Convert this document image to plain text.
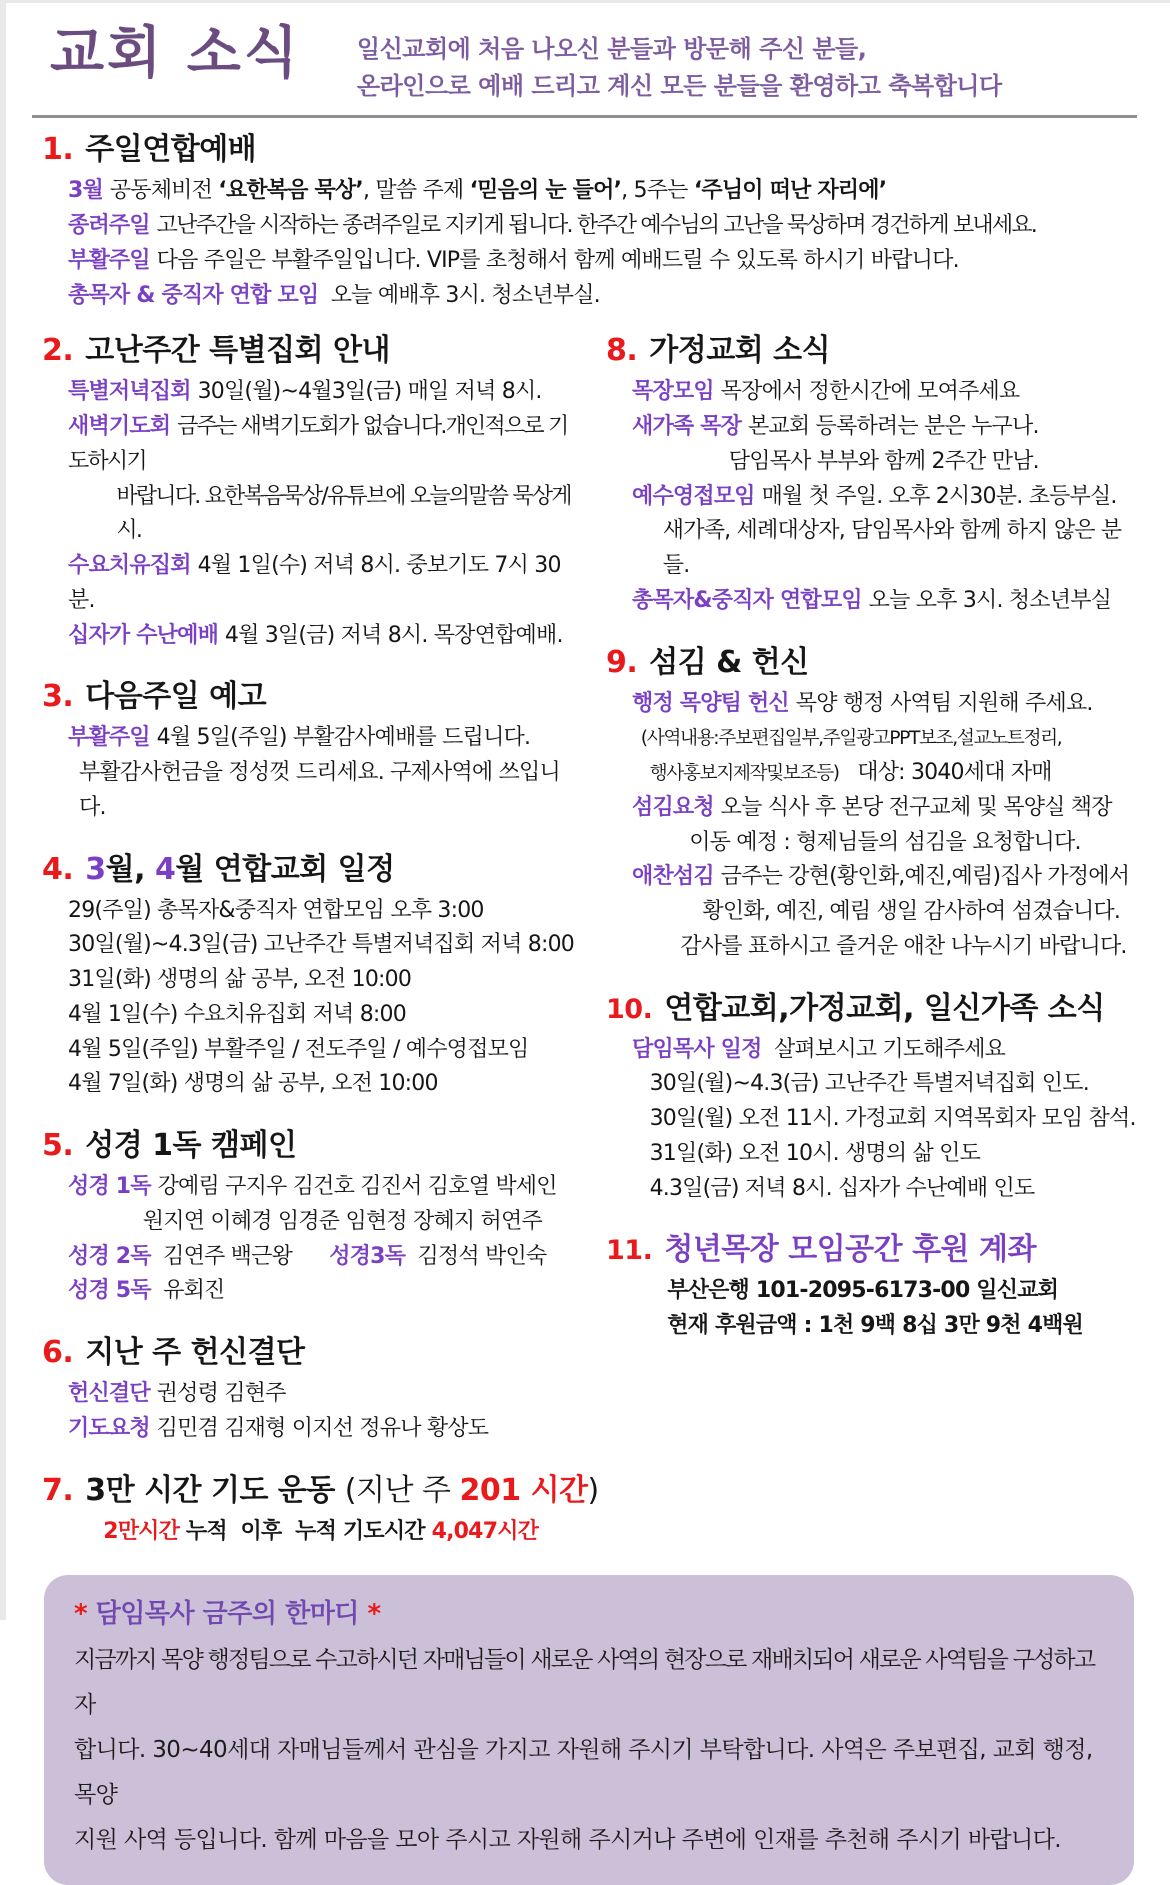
교회 소식 일신교회에 처음 나오신 분들과 방문해 주신 분들,
온라인으로 예배 드리고 계신 모든 분들을 환영하고 축복합니다
1. 주일연합예배
3월 공동체비전 ‘요한복음 묵상’, 말씀 주제 ‘믿음의 눈 들어’, 5주는 ‘주님이 떠난 자리에’
종려주일 고난주간을 시작하는 종려주일로 지키게 됩니다. 한주간 예수님의 고난을 묵상하며 경건하게 보내세요.
부활주일 다음 주일은 부활주일입니다. VIP를 초청해서 함께 예배드릴 수 있도록 하시기 바랍니다.
총목자 & 중직자 연합 모임  오늘 예배후 3시. 청소년부실.
2. 고난주간 특별집회 안내
특별저녁집회 30일(월)~4월3일(금) 매일 저녁 8시.
새벽기도회 금주는 새벽기도회가 없습니다.개인적으로 기도하시기
바랍니다. 요한복음묵상/유튜브에 오늘의말씀 묵상게시.
수요치유집회 4월 1일(수) 저녁 8시. 중보기도 7시 30분.
십자가 수난예배 4월 3일(금) 저녁 8시. 목장연합예배.
3. 다음주일 예고
부활주일 4월 5일(주일) 부활감사예배를 드립니다.
부활감사헌금을 정성껏 드리세요. 구제사역에 쓰입니다.
4. 3월, 4월 연합교회 일정
29(주일) 총목자&중직자 연합모임 오후 3:00
30일(월)~4.3일(금) 고난주간 특별저녁집회 저녁 8:00
31일(화) 생명의 삶 공부, 오전 10:00
4월 1일(수) 수요치유집회 저녁 8:00
4월 5일(주일) 부활주일 / 전도주일 / 예수영접모임
4월 7일(화) 생명의 삶 공부, 오전 10:00
5. 성경 1독 캠페인
성경 1독 강예림 구지우 김건호 김진서 김호열 박세인
원지연 이혜경 임경준 임현정 장혜지 허연주
성경 2독  김연주 백근왕      성경3독  김정석 박인숙
성경 5독  유회진
6. 지난 주 헌신결단
헌신결단 권성령 김현주
기도요청 김민겸 김재형 이지선 정유나 황상도
7. 3만 시간 기도 운동 (지난 주 201 시간)
2만시간 누적  이후  누적 기도시간 4,047시간
8. 가정교회 소식
목장모임 목장에서 정한시간에 모여주세요
새가족 목장 본교회 등록하려는 분은 누구나.
담임목사 부부와 함께 2주간 만남.
예수영접모임 매월 첫 주일. 오후 2시30분. 초등부실.
새가족, 세례대상자, 담임목사와 함께 하지 않은 분들.
총목자&중직자 연합모임 오늘 오후 3시. 청소년부실
9. 섬김 & 헌신
행정 목양팀 헌신 목양 행정 사역팀 지원해 주세요.
(사역내용:주보편집일부,주일광고PPT보조,설교노트정리,
행사홍보지제작및보조등)   대상: 3040세대 자매
섬김요청 오늘 식사 후 본당 전구교체 및 목양실 책장
이동 예정 : 형제님들의 섬김을 요청합니다.
애찬섬김 금주는 강현(황인화,예진,예림)집사 가정에서
황인화, 예진, 예림 생일 감사하여 섬겼습니다.
감사를 표하시고 즐거운 애찬 나누시기 바랍니다.
10. 연합교회,가정교회, 일신가족 소식
담임목사 일정  살펴보시고 기도해주세요
30일(월)~4.3(금) 고난주간 특별저녁집회 인도.
30일(월) 오전 11시. 가정교회 지역목회자 모임 참석.
31일(화) 오전 10시. 생명의 삶 인도
4.3일(금) 저녁 8시. 십자가 수난예배 인도
11. 청년목장 모임공간 후원 계좌
부산은행 101-2095-6173-00 일신교회
현재 후원금액 : 1천 9백 8십 3만 9천 4백원
* 담임목사 금주의 한마디 *
지금까지 목양 행정팀으로 수고하시던 자매님들이 새로운 사역의 현장으로 재배치되어 새로운 사역팀을 구성하고자
합니다. 30~40세대 자매님들께서 관심을 가지고 자원해 주시기 부탁합니다. 사역은 주보편집, 교회 행정, 목양
지원 사역 등입니다. 함께 마음을 모아 주시고 자원해 주시거나 주변에 인재를 추천해 주시기 바랍니다.
